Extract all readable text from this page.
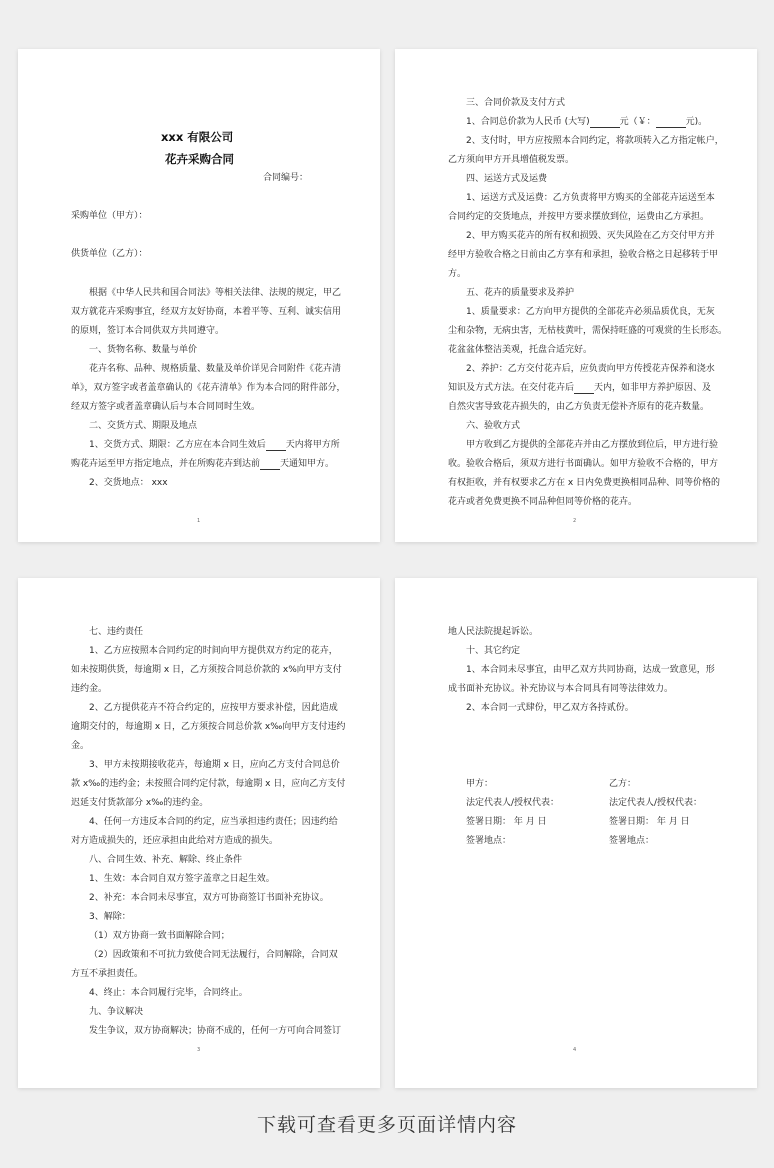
xxx 有限公司
花卉采购合同
合同编号：
采购单位（甲方）：
供货单位（乙方）：
根据《中华人民共和国合同法》等相关法律、法规的规定，甲乙
双方就花卉采购事宜，经双方友好协商，本着平等、互利、诚实信用
的原则，签订本合同供双方共同遵守。
一、货物名称、数量与单价
花卉名称、品种、规格质量、数量及单价详见合同附件《花卉清
单》，双方签字或者盖章确认的《花卉清单》作为本合同的附件部分，
经双方签字或者盖章确认后与本合同同时生效。
二、交货方式、期限及地点
1、交货方式、期限：乙方应在本合同生效后 天内将甲方所
购花卉运至甲方指定地点，并在所购花卉到达前 天通知甲方。
2、交货地点： xxx
1
三、合同价款及支付方式
1、合同总价款为人民币 (大写)	元（￥：	元)。
2、支付时，甲方应按照本合同约定，将款项转入乙方指定帐户，
乙方须向甲方开具增值税发票。
四、运送方式及运费
1、运送方式及运费：乙方负责将甲方购买的全部花卉运送至本
合同约定的交货地点，并按甲方要求摆放到位，运费由乙方承担。
2、甲方购买花卉的所有权和损毁、灭失风险在乙方交付甲方并
经甲方验收合格之日前由乙方享有和承担，验收合格之日起移转于甲
方。
五、花卉的质量要求及养护
1、质量要求：乙方向甲方提供的全部花卉必须品质优良，无灰
尘和杂物，无病虫害，无枯枝黄叶，需保持旺盛的可观赏的生长形态。
花盆盆体整洁美观，托盘合适完好。
2、养护：乙方交付花卉后，应负责向甲方传授花卉保养和浇水
知识及方式方法。在交付花卉后 天内，如非甲方养护原因、及
自然灾害导致花卉损失的，由乙方负责无偿补齐原有的花卉数量。
六、验收方式
甲方收到乙方提供的全部花卉并由乙方摆放到位后，甲方进行验
收。验收合格后，须双方进行书面确认。如甲方验收不合格的，甲方
有权拒收，并有权要求乙方在 x 日内免费更换相同品种、同等价格的
花卉或者免费更换不同品种但同等价格的花卉。
2
七、违约责任
1、乙方应按照本合同约定的时间向甲方提供双方约定的花卉，
如未按期供货，每逾期 x 日，乙方须按合同总价款的 x%向甲方支付
违约金。
2、乙方提供花卉不符合约定的，应按甲方要求补偿，因此造成
逾期交付的，每逾期 x 日，乙方须按合同总价款 x‰向甲方支付违约
金。
3、甲方未按期接收花卉，每逾期 x 日，应向乙方支付合同总价
款 x‰的违约金；未按照合同约定付款，每逾期 x 日，应向乙方支付
迟延支付货款部分 x‰的违约金。
4、任何一方违反本合同的约定，应当承担违约责任；因违约给
对方造成损失的，还应承担由此给对方造成的损失。
八、合同生效、补充、解除、终止条件
1、生效：本合同自双方签字盖章之日起生效。
2、补充：本合同未尽事宜，双方可协商签订书面补充协议。
3、解除：
（1）双方协商一致书面解除合同；
（2）因政策和不可抗力致使合同无法履行，合同解除，合同双
方互不承担责任。
4、终止：本合同履行完毕，合同终止。
九、争议解决
发生争议，双方协商解决；协商不成的，任何一方可向合同签订
3
地人民法院提起诉讼。
十、其它约定
1、本合同未尽事宜，由甲乙双方共同协商，达成一致意见，形
成书面补充协议。补充协议与本合同具有同等法律效力。
2、本合同一式肆份，甲乙双方各持贰份。
甲方：
法定代表人/授权代表：
签署日期： 年 月 日
签署地点：
乙方：
法定代表人/授权代表：
签署日期： 年 月 日
签署地点：
4
下载可查看更多页面详情内容
